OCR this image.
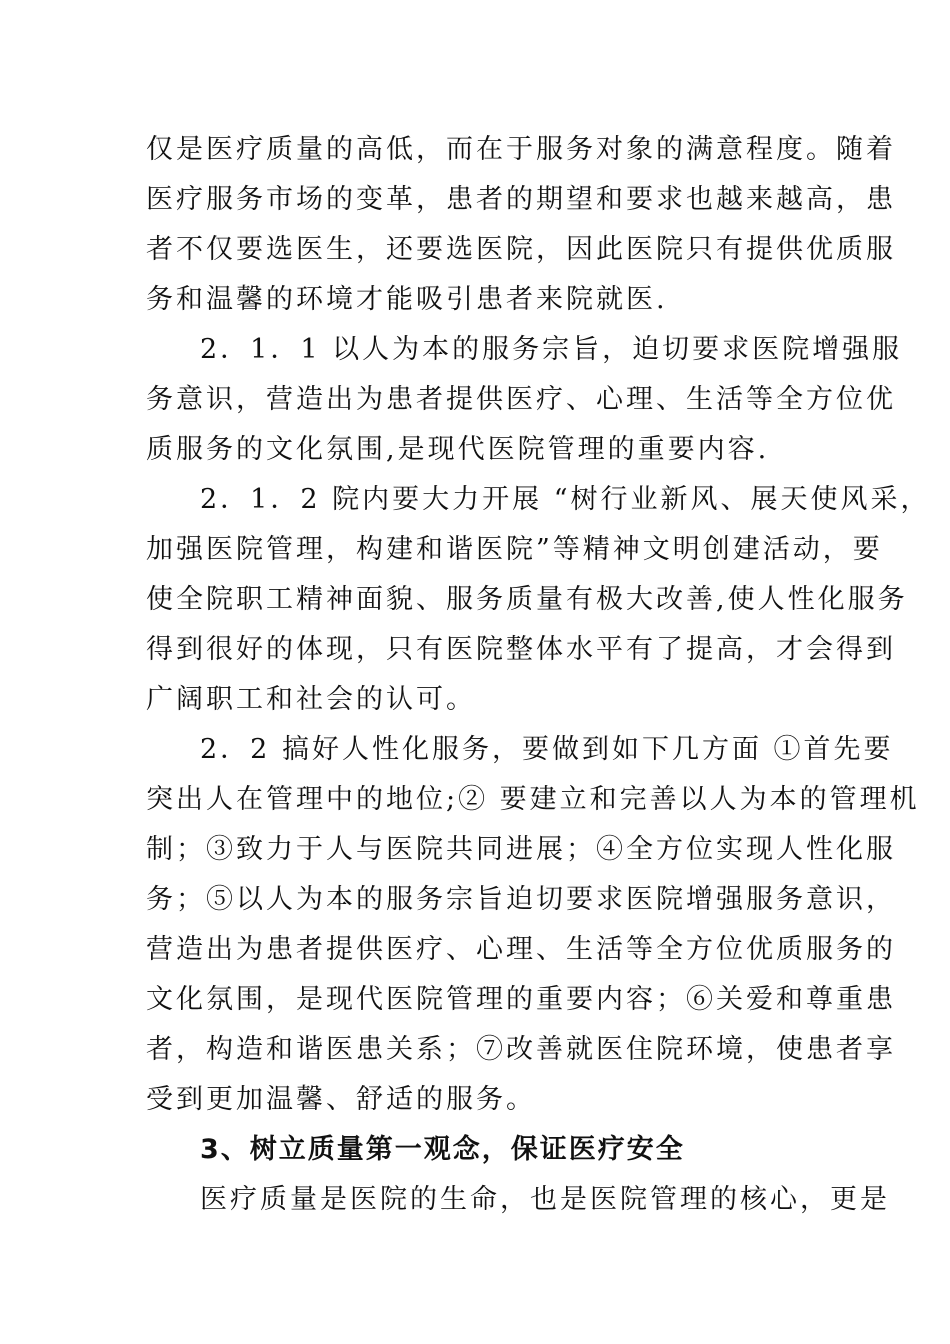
仅是医疗质量的高低，而在于服务对象的满意程度。随着
医疗服务市场的变革，患者的期望和要求也越来越高，患
者不仅要选医生，还要选医院，因此医院只有提供优质服
务和温馨的环境才能吸引患者来院就医.
2．1．1 以人为本的服务宗旨，迫切要求医院增强服
务意识，营造出为患者提供医疗、心理、生活等全方位优
质服务的文化氛围,是现代医院管理的重要内容.
2．1．2 院内要大力开展 “树行业新风、展天使风采，
加强医院管理，构建和谐医院”等精神文明创建活动，要
使全院职工精神面貌、服务质量有极大改善,使人性化服务
得到很好的体现，只有医院整体水平有了提高，才会得到
广阔职工和社会的认可。
2．2 搞好人性化服务，要做到如下几方面 ①首先要
突出人在管理中的地位;② 要建立和完善以人为本的管理机
制；③致力于人与医院共同进展；④全方位实现人性化服
务；⑤以人为本的服务宗旨迫切要求医院增强服务意识，
营造出为患者提供医疗、心理、生活等全方位优质服务的
文化氛围，是现代医院管理的重要内容；⑥关爱和尊重患
者，构造和谐医患关系；⑦改善就医住院环境，使患者享
受到更加温馨、舒适的服务。
3、树立质量第一观念，保证医疗安全
医疗质量是医院的生命，也是医院管理的核心，更是
